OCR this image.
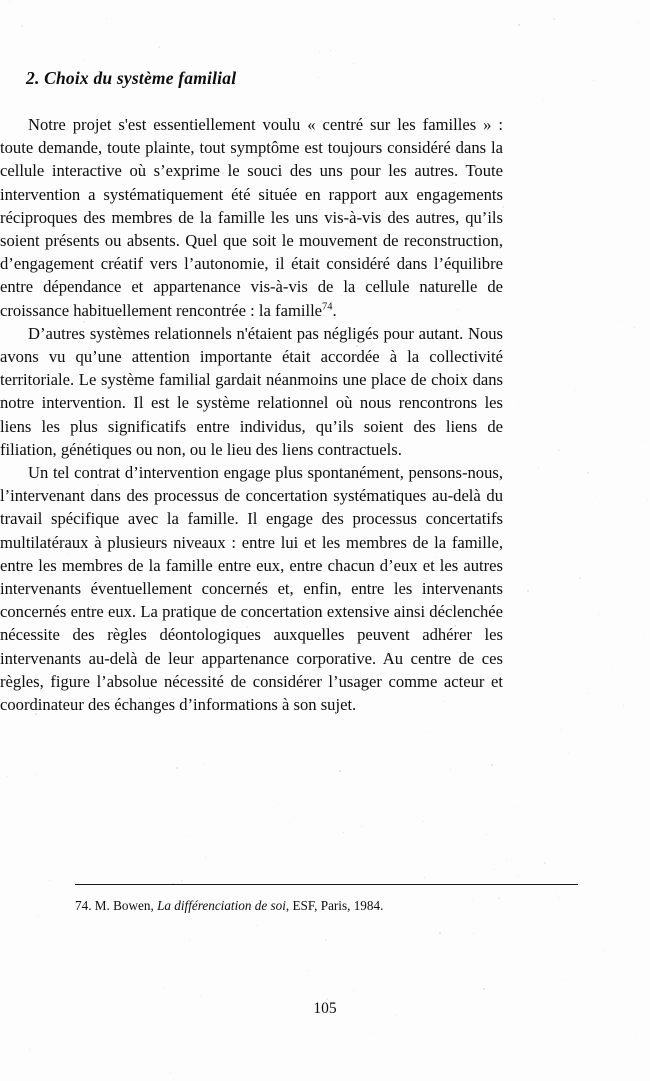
2. Choix du système familial

Notre projet s'est essentiellement voulu « centré sur les familles » : toute demande, toute plainte, tout symptôme est toujours considéré dans la cellule interactive où s’exprime le souci des uns pour les autres. Toute intervention a systématiquement été située en rapport aux engagements réciproques des membres de la famille les uns vis-à-vis des autres, qu’ils soient présents ou absents. Quel que soit le mouvement de reconstruction, d’engagement créatif vers l’autonomie, il était considéré dans l’équilibre entre dépendance et appartenance vis-à-vis de la cellule naturelle de croissance habituellement rencontrée : la famille$^{74}$.

D’autres systèmes relationnels n'étaient pas négligés pour autant. Nous avons vu qu’une attention importante était accordée à la collectivité territoriale. Le système familial gardait néanmoins une place de choix dans notre intervention. Il est le système relationnel où nous rencontrons les liens les plus significatifs entre individus, qu’ils soient des liens de filiation, génétiques ou non, ou le lieu des liens contractuels.

Un tel contrat d’intervention engage plus spontanément, pensons-nous, l’intervenant dans des processus de concertation systématiques au-delà du travail spécifique avec la famille. Il engage des processus concertatifs multilatéraux à plusieurs niveaux : entre lui et les membres de la famille, entre les membres de la famille entre eux, entre chacun d’eux et les autres intervenants éventuellement concernés et, enfin, entre les intervenants concernés entre eux. La pratique de concertation extensive ainsi déclenchée nécessite des règles déontologiques auxquelles peuvent adhérer les intervenants au-delà de leur appartenance corporative. Au centre de ces règles, figure l’absolue nécessité de considérer l’usager comme acteur et coordinateur des échanges d’informations à son sujet.

74. M. Bowen, La différenciation de soi, ESF, Paris, 1984.

105
